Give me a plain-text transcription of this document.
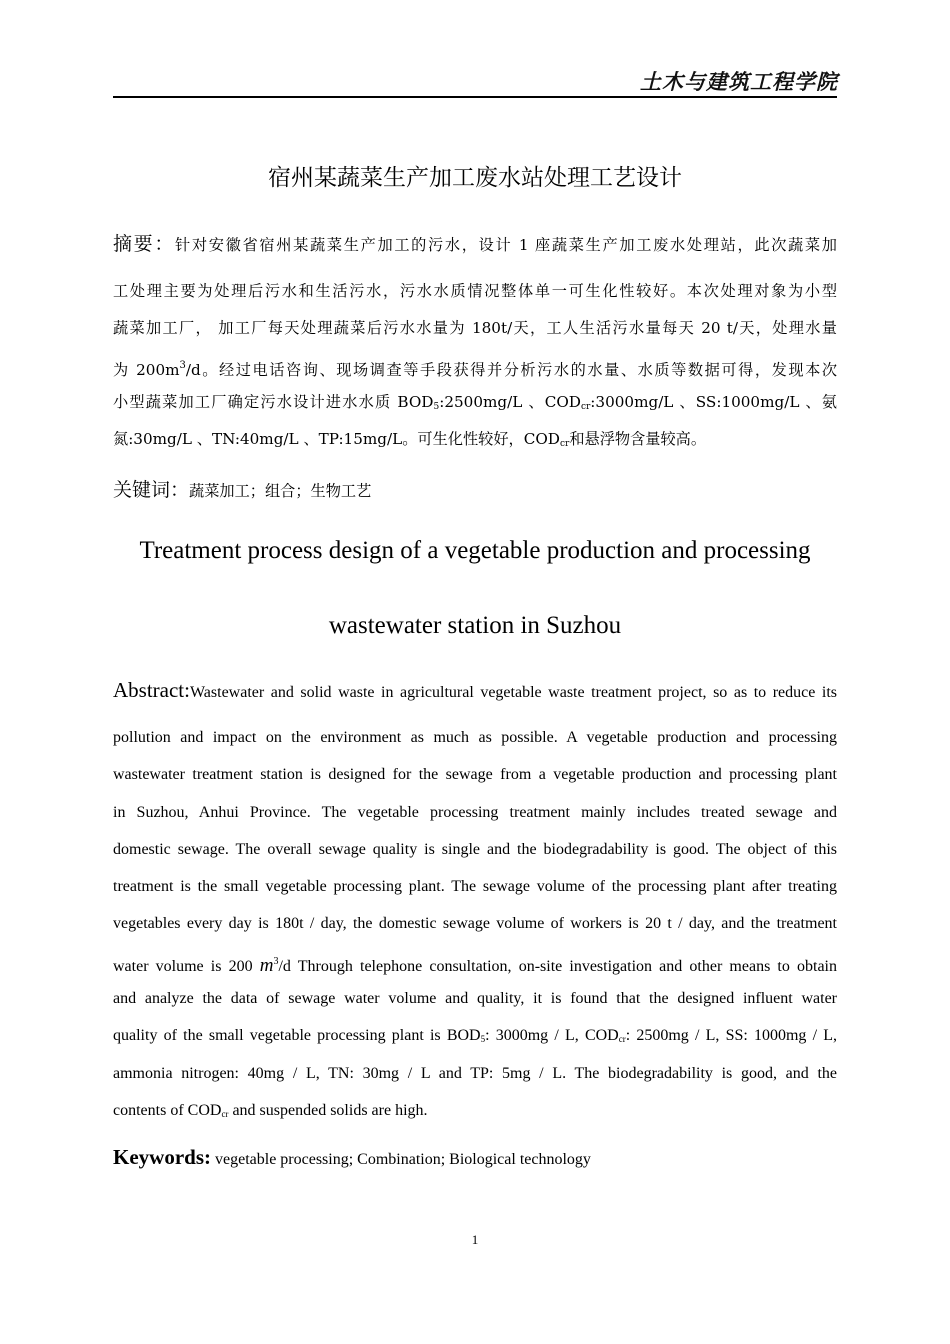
土木与建筑工程学院
宿州某蔬菜生产加工废水站处理工艺设计
摘要：针对安徽省宿州某蔬菜生产加工的污水，设计 1 座蔬菜生产加工废水处理站，此次蔬菜加
工处理主要为处理后污水和生活污水，污水水质情况整体单一可生化性较好。本次处理对象为小型
蔬菜加工厂， 加工厂每天处理蔬菜后污水水量为 180t/天，工人生活污水量每天 20 t/天，处理水量
为 $200m^3/d$。经过电话咨询、现场调查等手段获得并分析污水的水量、水质等数据可得，发现本次
小型蔬菜加工厂确定污水设计进水水质 $BOD_5:2500mg/L$ 、$COD_{cr}:3000mg/L$ 、SS:1000mg/L 、氨
氮:30mg/L 、TN:40mg/L 、TP:15mg/L。可生化性较好，$COD_{cr}$和悬浮物含量较高。
关键词：蔬菜加工；组合；生物工艺
Treatment process design of a vegetable production and processing
wastewater station in Suzhou
Abstract:Wastewater and solid waste in agricultural vegetable waste treatment project, so as to reduce its
pollution and impact on the environment as much as possible. A vegetable production and processing
wastewater treatment station is designed for the sewage from a vegetable production and processing plant
in Suzhou, Anhui Province. The vegetable processing treatment mainly includes treated sewage and
domestic sewage. The overall sewage quality is single and the biodegradability is good. The object of this
treatment is the small vegetable processing plant. The sewage volume of the processing plant after treating
vegetables every day is 180t / day, the domestic sewage volume of workers is 20 t / day, and the treatment
water volume is 200 $m^3/d$ Through telephone consultation, on-site investigation and other means to obtain
and analyze the data of sewage water volume and quality, it is found that the designed influent water
quality of the small vegetable processing plant is $BOD_5$: 3000mg / L, $COD_{cr}$: 2500mg / L, SS: 1000mg / L,
ammonia nitrogen: 40mg / L, TN: 30mg / L and TP: 5mg / L. The biodegradability is good, and the
contents of $COD_{cr}$ and suspended solids are high.
Keywords: vegetable processing; Combination; Biological technology
1
